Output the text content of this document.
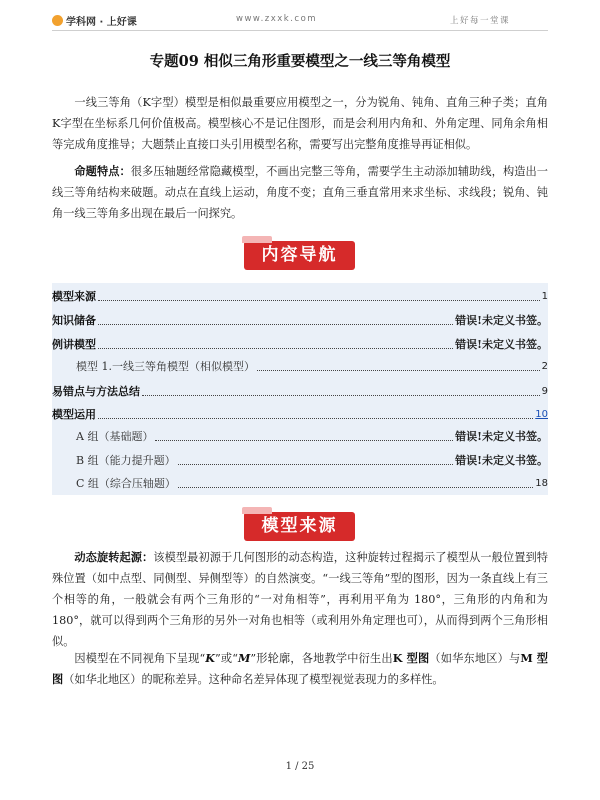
学科网 · 上好课	www.zxxk.com	上好每一堂课
专题09 相似三角形重要模型之一线三等角模型

一线三等角（K字型）模型是相似最重要应用模型之一，分为锐角、钝角、直角三种子类；直角K字型在坐标系几何价值极高。模型核心不是记住图形，而是会利用内角和、外角定理、同角余角相等完成角度推导；大题禁止直接口头引用模型名称，需要写出完整角度推导再证相似。

命题特点：很多压轴题经常隐藏模型，不画出完整三等角，需要学生主动添加辅助线，构造出一线三等角结构来破题。动点在直线上运动，角度不变；直角三垂直常用来求坐标、求线段；锐角、钝角一线三等角多出现在最后一问探究。

内容导航
模型来源	1
知识储备	错误!未定义书签。
例讲模型	错误!未定义书签。
模型 1.一线三等角模型（相似模型）	2
易错点与方法总结	9
模型运用	10
A 组（基础题）	错误!未定义书签。
B 组（能力提升题）	错误!未定义书签。
C 组（综合压轴题）	18
模型来源

动态旋转起源：该模型最初源于几何图形的动态构造，这种旋转过程揭示了模型从一般位置到特殊位置（如中点型、同侧型、异侧型等）的自然演变。“一线三等角”型的图形，因为一条直线上有三个相等的角，一般就会有两个三角形的“一对角相等”，再利用平角为 180°，三角形的内角和为 180°，就可以得到两个三角形的另外一对角也相等（或利用外角定理也可），从而得到两个三角形相似。

因模型在不同视角下呈现“K”或“M”形轮廓，各地教学中衍生出K 型图（如华东地区）与M 型图（如华北地区）的昵称差异。这种命名差异体现了模型视觉表现力的多样性。

1 / 25
